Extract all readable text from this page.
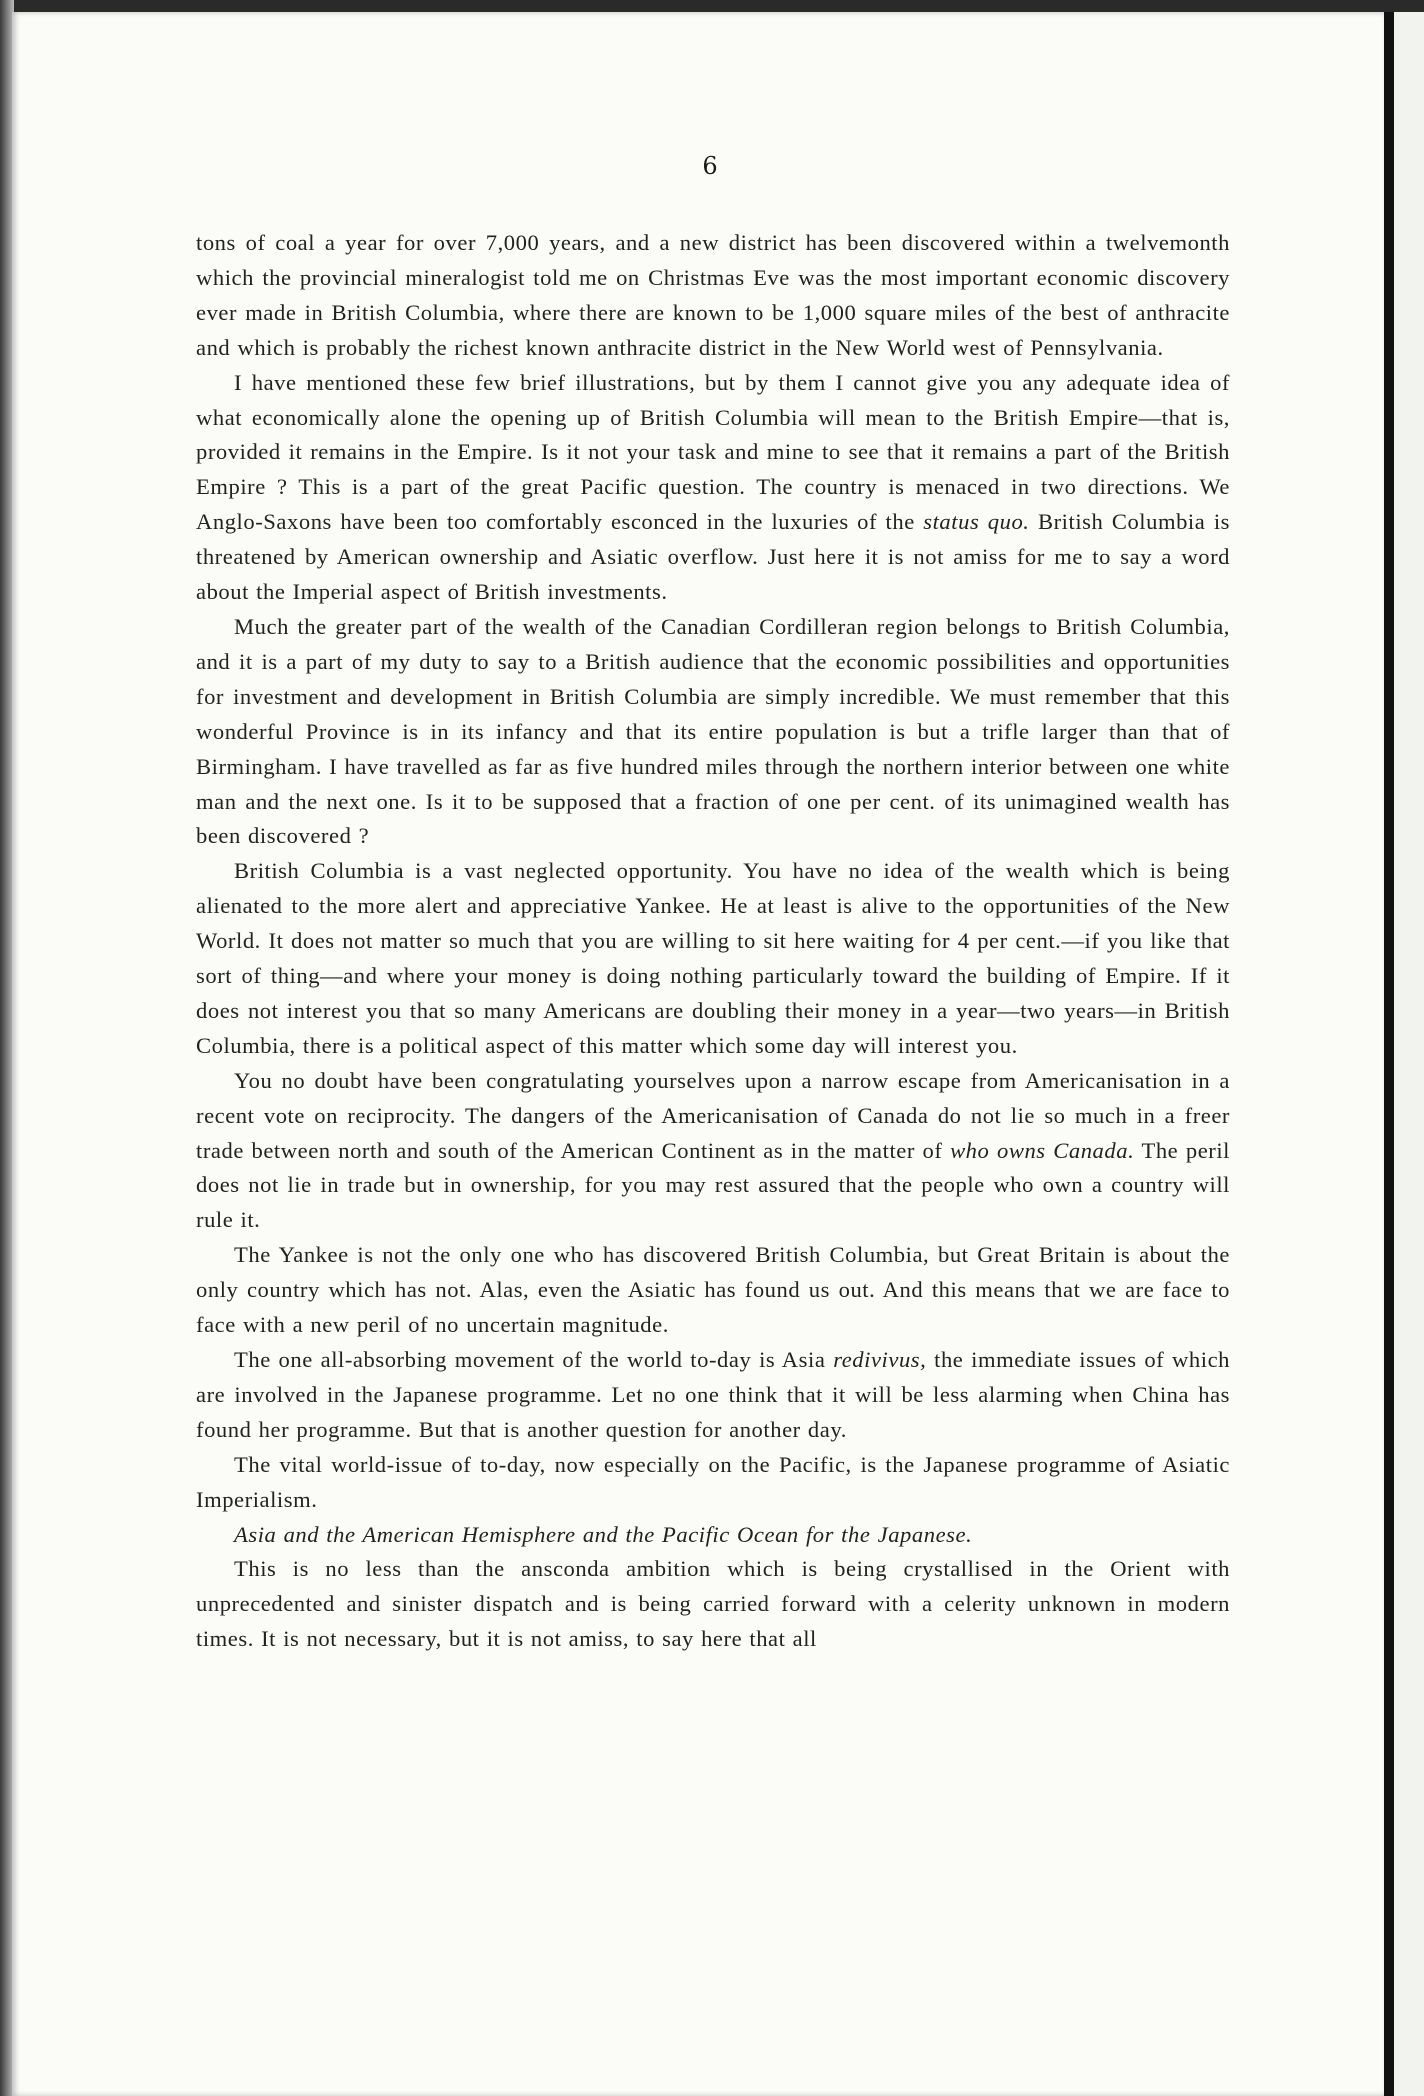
6

tons of coal a year for over 7,000 years, and a new district has been discovered within a twelvemonth which the provincial mineralogist told me on Christmas Eve was the most important economic discovery ever made in British Columbia, where there are known to be 1,000 square miles of the best of anthracite and which is probably the richest known anthracite district in the New World west of Pennsylvania.

I have mentioned these few brief illustrations, but by them I cannot give you any adequate idea of what economically alone the opening up of British Columbia will mean to the British Empire—that is, provided it remains in the Empire. Is it not your task and mine to see that it remains a part of the British Empire ? This is a part of the great Pacific question. The country is menaced in two directions. We Anglo-Saxons have been too comfortably esconced in the luxuries of the status quo. British Columbia is threatened by American ownership and Asiatic overflow. Just here it is not amiss for me to say a word about the Imperial aspect of British investments.

Much the greater part of the wealth of the Canadian Cordilleran region belongs to British Columbia, and it is a part of my duty to say to a British audience that the economic possibilities and opportunities for investment and development in British Columbia are simply incredible. We must remember that this wonderful Province is in its infancy and that its entire population is but a trifle larger than that of Birmingham. I have travelled as far as five hundred miles through the northern interior between one white man and the next one. Is it to be supposed that a fraction of one per cent. of its unimagined wealth has been discovered ?

British Columbia is a vast neglected opportunity. You have no idea of the wealth which is being alienated to the more alert and appreciative Yankee. He at least is alive to the opportunities of the New World. It does not matter so much that you are willing to sit here waiting for 4 per cent.—if you like that sort of thing—and where your money is doing nothing particularly toward the building of Empire. If it does not interest you that so many Americans are doubling their money in a year—two years—in British Columbia, there is a political aspect of this matter which some day will interest you.

You no doubt have been congratulating yourselves upon a narrow escape from Americanisation in a recent vote on reciprocity. The dangers of the Americanisation of Canada do not lie so much in a freer trade between north and south of the American Continent as in the matter of who owns Canada. The peril does not lie in trade but in ownership, for you may rest assured that the people who own a country will rule it.

The Yankee is not the only one who has discovered British Columbia, but Great Britain is about the only country which has not. Alas, even the Asiatic has found us out. And this means that we are face to face with a new peril of no uncertain magnitude.

The one all-absorbing movement of the world to-day is Asia redivivus, the immediate issues of which are involved in the Japanese programme. Let no one think that it will be less alarming when China has found her programme. But that is another question for another day.

The vital world-issue of to-day, now especially on the Pacific, is the Japanese programme of Asiatic Imperialism.

Asia and the American Hemisphere and the Pacific Ocean for the Japanese.

This is no less than the ansconda ambition which is being crystallised in the Orient with unprecedented and sinister dispatch and is being carried forward with a celerity unknown in modern times. It is not necessary, but it is not amiss, to say here that all
